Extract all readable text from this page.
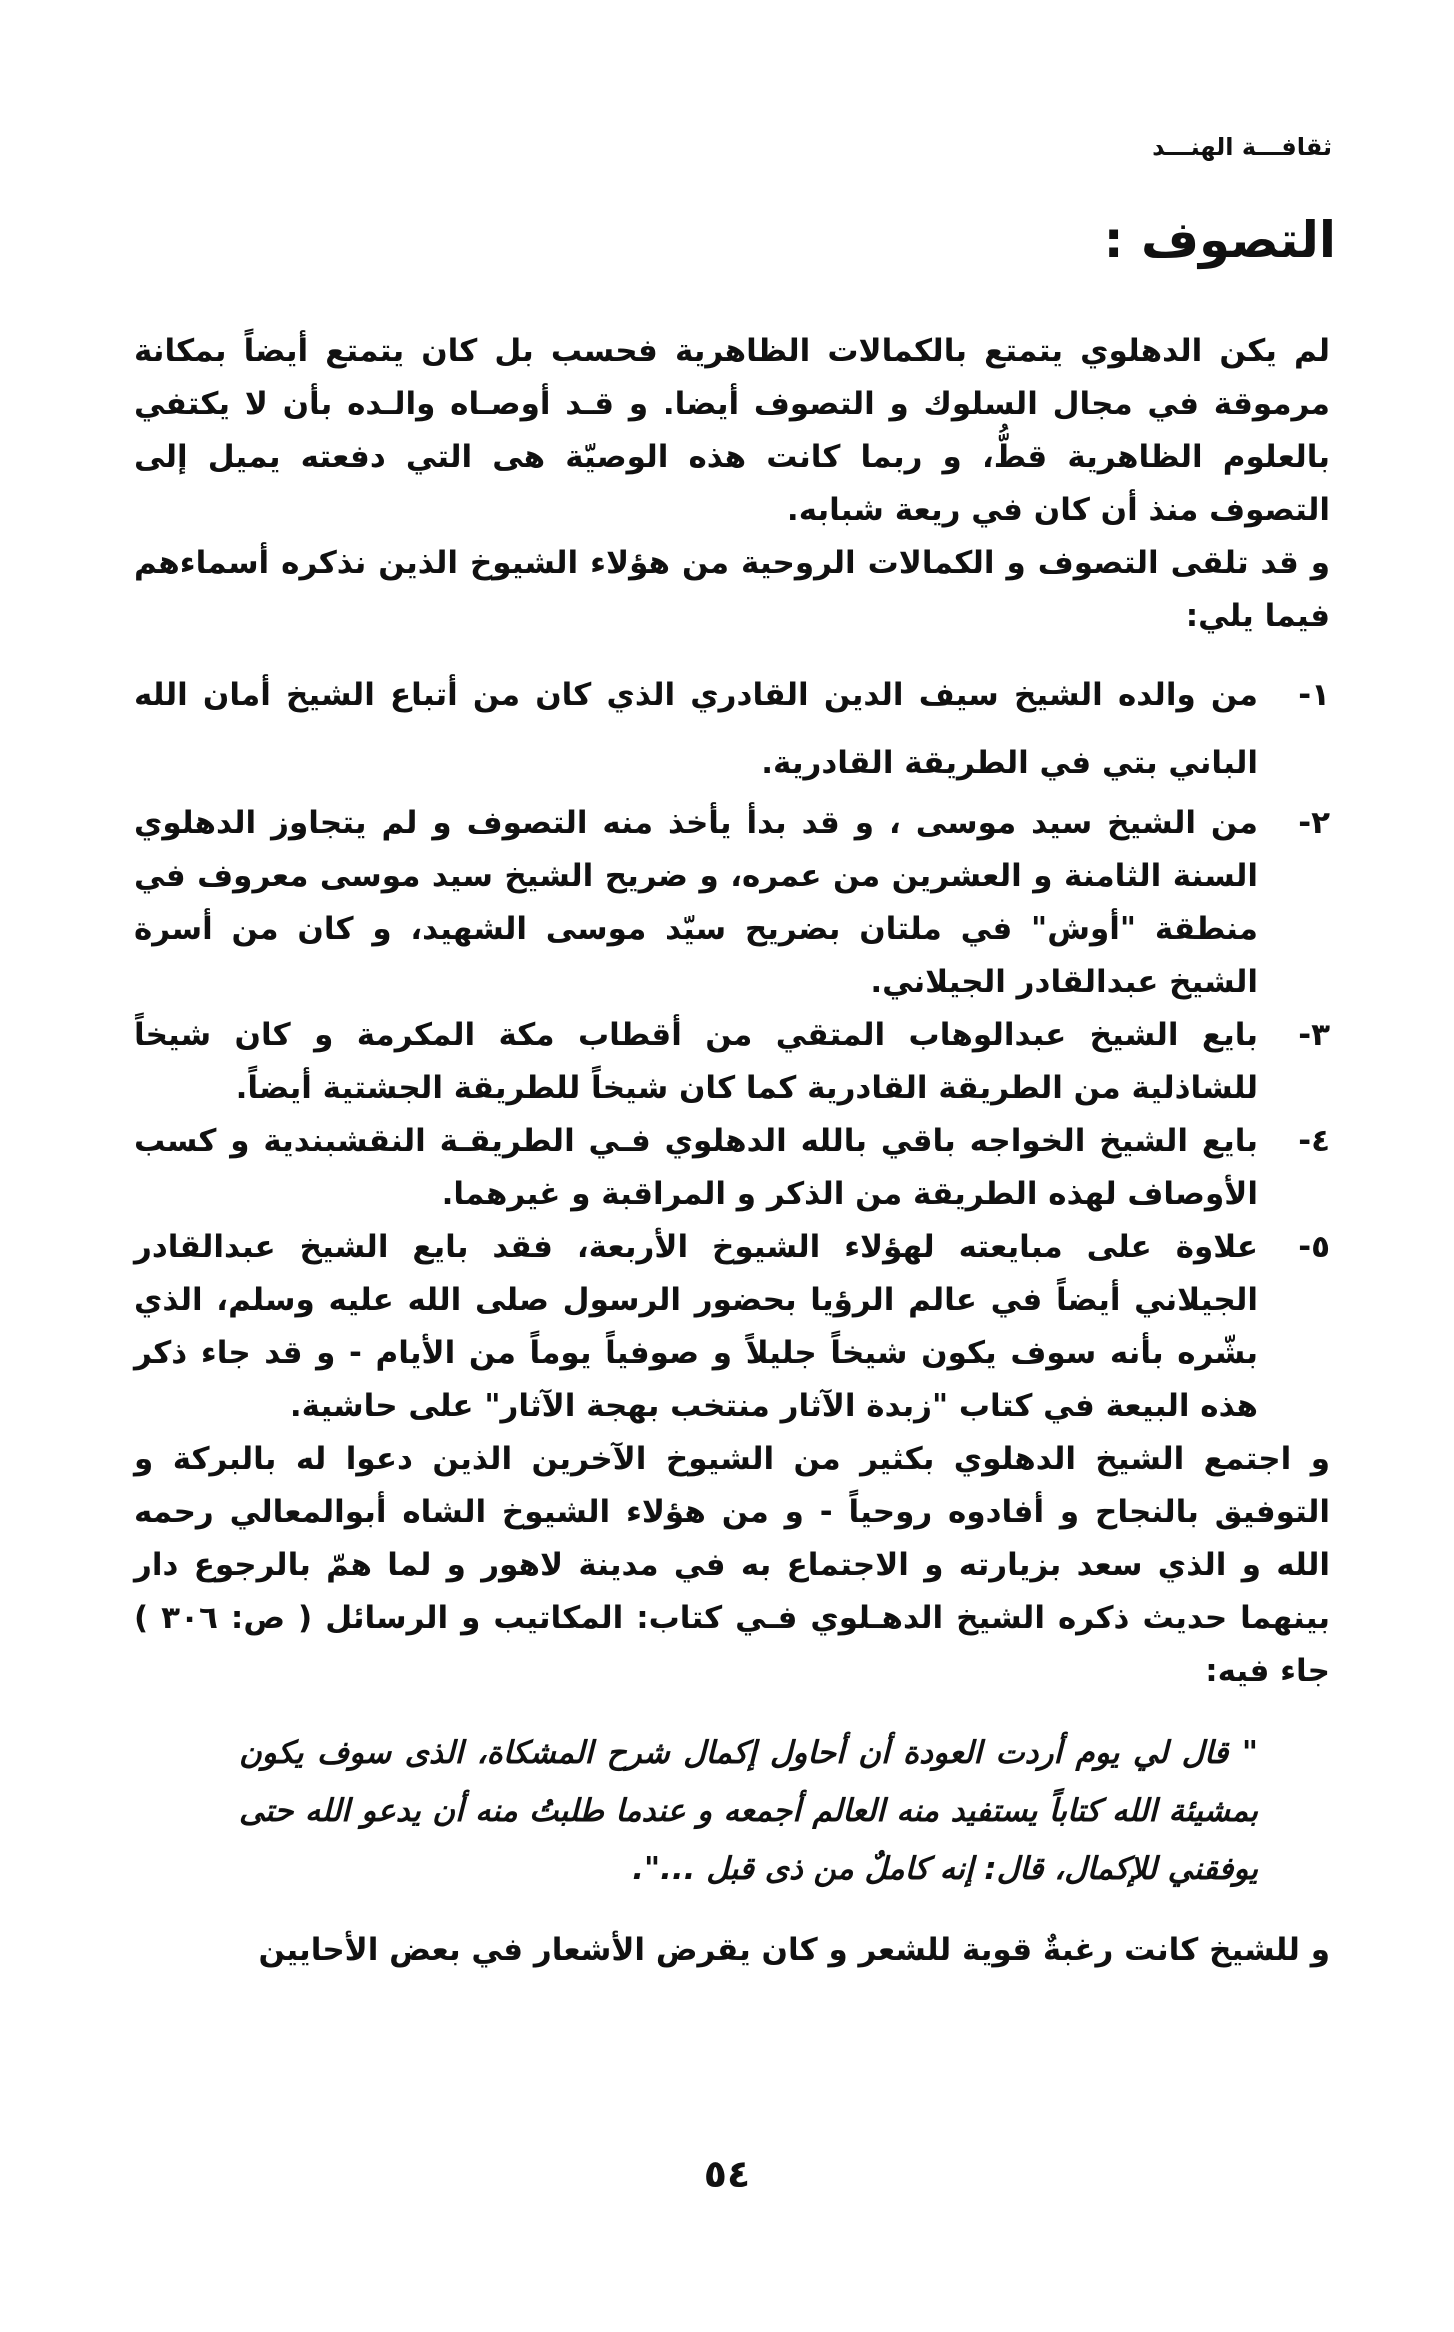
ثقافـــة الهنـــد
التصوف :

لم يكن الدهلوي يتمتع بالكمالات الظاهرية فحسب بل كان يتمتع أيضاً بمكانة مرموقة في مجال السلوك و التصوف أيضا. و قـد أوصـاه والـده بأن لا يكتفي بالعلوم الظاهرية قطُّ، و ربما كانت هذه الوصيّة هى التي دفعته يميل إلى التصوف منذ أن كان في ريعة شبابه.

و قد تلقى التصوف و الكمالات الروحية من هؤلاء الشيوخ الذين نذكره أسماءهم فيما يلي:

١-
من والده الشيخ سيف الدين القادري الذي كان من أتباع الشيخ أمان الله الباني بتي في الطريقة القادرية.
٢-
من الشيخ سيد موسى ، و قد بدأ يأخذ منه التصوف و لم يتجاوز الدهلوي السنة الثامنة و العشرين من عمره، و ضريح الشيخ سيد موسى معروف في منطقة "أوش" في ملتان بضريح سيّد موسى الشهيد، و كان من أسرة الشيخ عبدالقادر الجيلاني.
٣-
بايع الشيخ عبدالوهاب المتقي من أقطاب مكة المكرمة و كان شيخاً للشاذلية من الطريقة القادرية كما كان شيخاً للطريقة الجشتية أيضاً.
٤-
بايع الشيخ الخواجه باقي بالله الدهلوي فـي الطريقـة النقشبندية و كسب الأوصاف لهذه الطريقة من الذكر و المراقبة و غيرهما.
٥-
علاوة على مبايعته لهؤلاء الشيوخ الأربعة، فقد بايع الشيخ عبدالقادر الجيلاني أيضاً في عالم الرؤيا بحضور الرسول صلى الله عليه وسلم، الذي بشّره بأنه سوف يكون شيخاً جليلاً و صوفياً يوماً من الأيام - و قد جاء ذكر هذه البيعة في كتاب "زبدة الآثار منتخب بهجة الآثار" على حاشية.

و اجتمع الشيخ الدهلوي بكثير من الشيوخ الآخرين الذين دعوا له بالبركة و التوفيق بالنجاح و أفادوه روحياً - و من هؤلاء الشيوخ الشاه أبوالمعالي رحمه الله و الذي سعد بزيارته و الاجتماع به في مدينة لاهور و لما همّ بالرجوع دار بينهما حديث ذكره الشيخ الدهـلوي فـي كتاب: المكاتيب و الرسائل ( ص: ٣٠٦ ) جاء فيه:

" قال لي يوم أردت العودة أن أحاول إكمال شرح المشكاة، الذى سوف يكون بمشيئة الله كتاباً يستفيد منه العالم أجمعه و عندما طلبتُ منه أن يدعو الله حتى يوفقني للإكمال، قال: إنه كاملٌ من ذى قبل ...".

و للشيخ كانت رغبةٌ قوية للشعر و كان يقرض الأشعار في بعض الأحايين

٥٤
